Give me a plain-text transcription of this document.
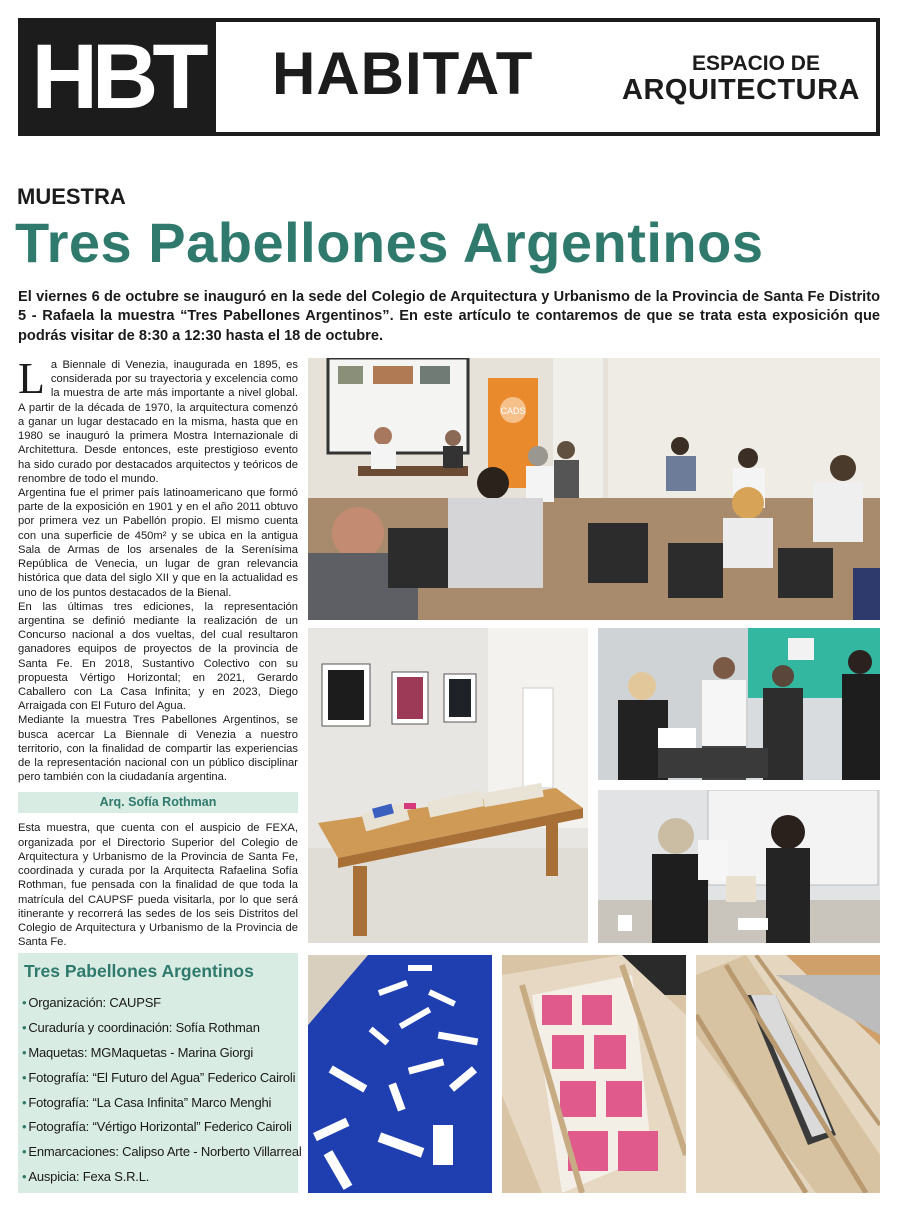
HBT HABITAT	ESPACIO DE
ARQUITECTURA
MUESTRA
Tres Pabellones Argentinos
El viernes 6 de octubre se inauguró en la sede del Colegio de Arquitectura y Urbanismo de la Provincia de Santa Fe Distrito 5 - Rafaela la muestra “Tres Pabellones Argentinos”. En este artículo te contaremos de que se trata esta exposición que podrás visitar de 8:30 a 12:30 hasta el 18 de octubre.

La Biennale di Venezia, inaugurada en 1895, es considerada por su trayectoria y excelencia como la muestra de arte más importante a nivel global. A partir de la década de 1970, la arquitectura comenzó a ganar un lugar destacado en la misma, hasta que en 1980 se inauguró la primera Mostra Internazionale di Architettura. Desde entonces, este prestigioso evento ha sido curado por destacados arquitectos y teóricos de renombre de todo el mundo.

Argentina fue el primer país latinoamericano que formó parte de la exposición en 1901 y en el año 2011 obtuvo por primera vez un Pabellón propio. El mismo cuenta con una superficie de 450m² y se ubica en la antigua Sala de Armas de los arsenales de la Serenísima República de Venecia, un lugar de gran relevancia histórica que data del siglo XII y que en la actualidad es uno de los puntos destacados de la Bienal.

En las últimas tres ediciones, la representación argentina se definió mediante la realización de un Concurso nacional a dos vueltas, del cual resultaron ganadores equipos de proyectos de la provincia de Santa Fe. En 2018, Sustantivo Colectivo con su propuesta Vértigo Horizontal; en 2021, Gerardo Caballero con La Casa Infinita; y en 2023, Diego Arraigada con El Futuro del Agua.

Mediante la muestra Tres Pabellones Argentinos, se busca acercar La Biennale di Venezia a nuestro territorio, con la finalidad de compartir las experiencias de la representación nacional con un público disciplinar pero también con la ciudadanía argentina.

Arq. Sofía Rothman

Esta muestra, que cuenta con el auspicio de FEXA, organizada por el Directorio Superior del Colegio de Arquitectura y Urbanismo de la Provincia de Santa Fe, coordinada y curada por la Arquitecta Rafaelina Sofía Rothman, fue pensada con la finalidad de que toda la matrícula del CAUPSF pueda visitarla, por lo que será itinerante y recorrerá las sedes de los seis Distritos del Colegio de Arquitectura y Urbanismo de la Provincia de Santa Fe.

Tres Pabellones Argentinos
• Organización: CAUPSF
• Curaduría y coordinación: Sofía Rothman
• Maquetas: MGMaquetas - Marina Giorgi
• Fotografía: “El Futuro del Agua” Federico Cairoli
• Fotografía: “La Casa Infinita” Marco Menghi
• Fotografía: “Vértigo Horizontal” Federico Cairoli
• Enmarcaciones: Calipso Arte - Norberto Villarreal
• Auspicia: Fexa S.R.L.
CADS
